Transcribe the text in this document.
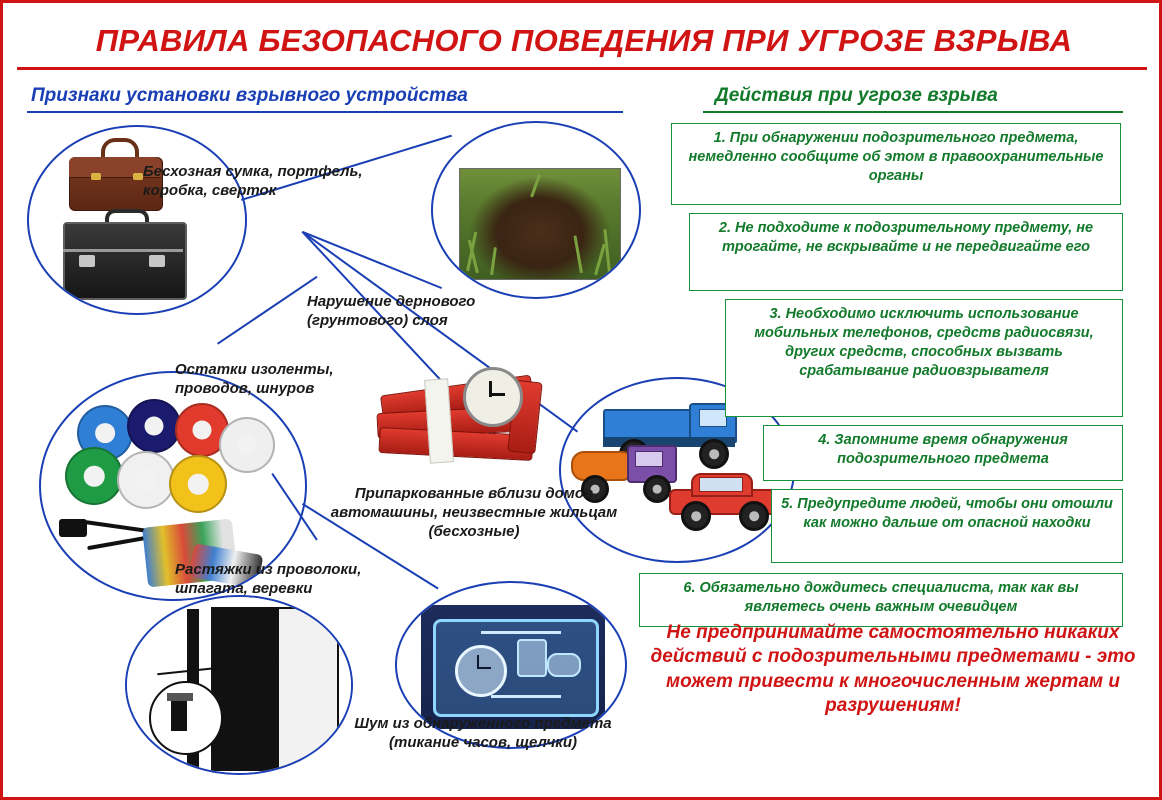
ПРАВИЛА БЕЗОПАСНОГО ПОВЕДЕНИЯ ПРИ УГРОЗЕ ВЗРЫВА
Признаки установки взрывного устройства	Действия при угрозе взрыва
Бесхозная сумка, портфель, коробка, сверток
Нарушение дернового (грунтового) слоя
Остатки изоленты, проводов, шнуров
Припаркованные вблизи домов автомашины, неизвестные жильцам (бесхозные)
Растяжки из проволоки, шпагата, веревки
Шум из обнаруженного предмета (тикание часов, щелчки)
1. При обнаружении подозрительного предмета, немедленно сообщите об этом в правоохранительные органы
2. Не подходите к подозрительному предмету, не трогайте, не вскрывайте и не передвигайте его
3. Необходимо исключить использование мобильных телефонов, средств радиосвязи, других средств, способных вызвать срабатывание радиовзрывателя
4. Запомните время обнаружения подозрительного предмета
5. Предупредите людей, чтобы они отошли как можно дальше от опасной находки
6. Обязательно дождитесь специалиста, так как вы являетесь очень важным очевидцем
Не предпринимайте самостоятельно никаких действий с подозрительными предметами - это может привести к многочисленным жертам и разрушениям!
